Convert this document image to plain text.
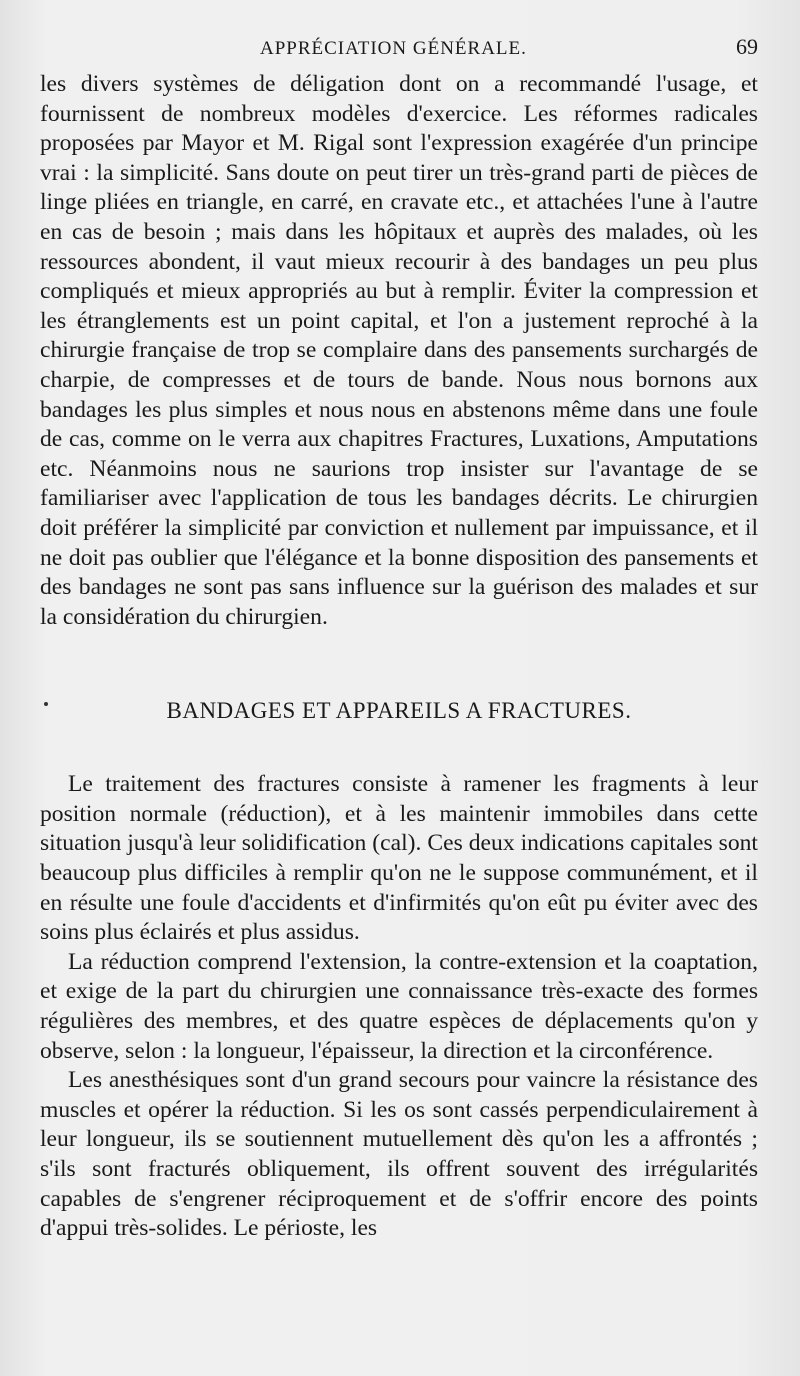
APPRÉCIATION GÉNÉRALE.	69

les divers systèmes de déligation dont on a recommandé l'usage, et fournissent de nombreux modèles d'exercice. Les réformes radicales proposées par Mayor et M. Rigal sont l'expression exagérée d'un principe vrai : la simplicité. Sans doute on peut tirer un très-grand parti de pièces de linge pliées en triangle, en carré, en cravate etc., et attachées l'une à l'autre en cas de besoin ; mais dans les hôpitaux et auprès des malades, où les ressources abondent, il vaut mieux recourir à des bandages un peu plus compliqués et mieux appropriés au but à remplir. Éviter la compression et les étranglements est un point capital, et l'on a justement reproché à la chirurgie française de trop se complaire dans des pansements surchargés de charpie, de compresses et de tours de bande. Nous nous bornons aux bandages les plus simples et nous nous en abstenons même dans une foule de cas, comme on le verra aux chapitres Fractures, Luxations, Amputations etc. Néanmoins nous ne saurions trop insister sur l'avantage de se familiariser avec l'application de tous les bandages décrits. Le chirurgien doit préférer la simplicité par conviction et nullement par impuissance, et il ne doit pas oublier que l'élégance et la bonne disposition des pansements et des bandages ne sont pas sans influence sur la guérison des malades et sur la considération du chirurgien.

BANDAGES ET APPAREILS A FRACTURES.

Le traitement des fractures consiste à ramener les fragments à leur position normale (réduction), et à les maintenir immobiles dans cette situation jusqu'à leur solidification (cal). Ces deux indications capitales sont beaucoup plus difficiles à remplir qu'on ne le suppose communément, et il en résulte une foule d'accidents et d'infirmités qu'on eût pu éviter avec des soins plus éclairés et plus assidus.

La réduction comprend l'extension, la contre-extension et la coaptation, et exige de la part du chirurgien une connaissance très-exacte des formes régulières des membres, et des quatre espèces de déplacements qu'on y observe, selon : la longueur, l'épaisseur, la direction et la circonférence.

Les anesthésiques sont d'un grand secours pour vaincre la résistance des muscles et opérer la réduction. Si les os sont cassés perpendiculairement à leur longueur, ils se soutiennent mutuellement dès qu'on les a affrontés ; s'ils sont fracturés obliquement, ils offrent souvent des irrégularités capables de s'engrener réciproquement et de s'offrir encore des points d'appui très-solides. Le périoste, les
